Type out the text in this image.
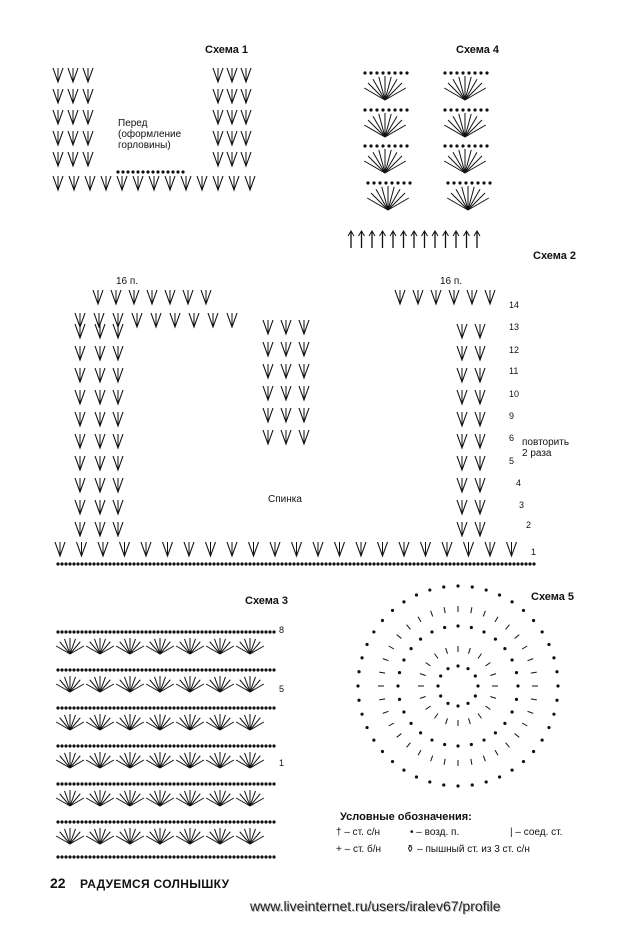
Схема 1	Схема 4
Схема 2
Схема 3	Схема 5
Перед
(оформление
горловины)
16 п.	16 п.
Спинка
повторить
2 раза
14
13
12
11
10
9
6
5
4
3
2
1
8
5
1
Условные обозначения:
† – ст. с/н	• – возд. п.	| – соед. ст.
+ – ст. б/н ⚱ – пышный ст. из 3 ст. с/н
22 РАДУЕМСЯ СОЛНЫШКУ
www.liveinternet.ru/users/iralev67/profile
